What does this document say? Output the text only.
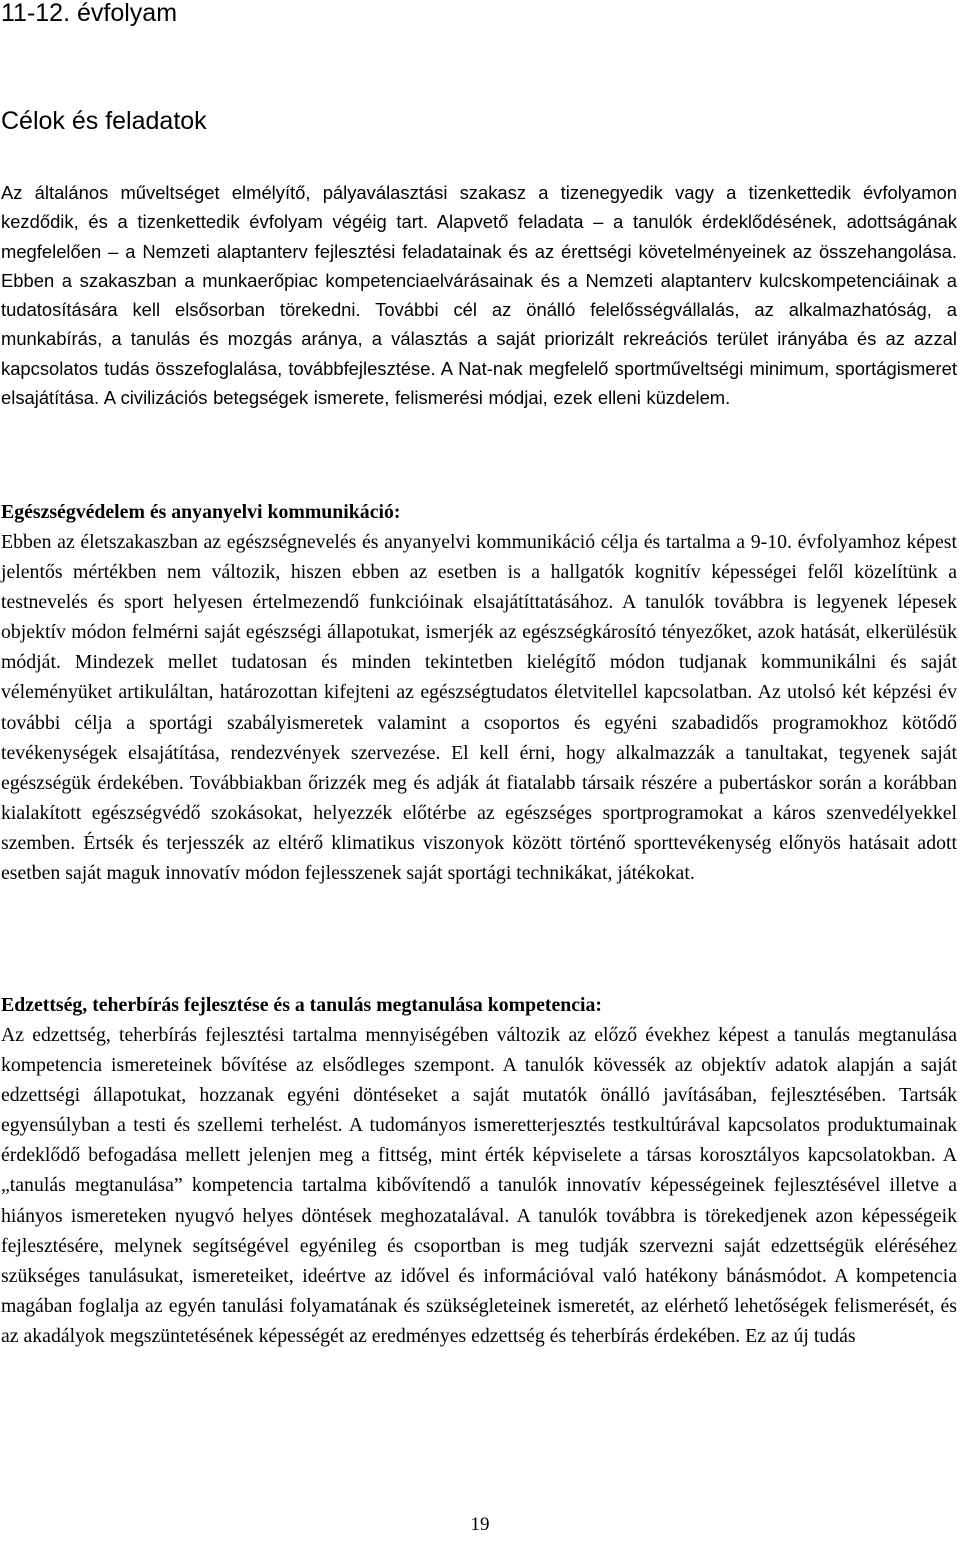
11-12. évfolyam
Célok és feladatok

Az általános műveltséget elmélyítő, pályaválasztási szakasz a tizenegyedik vagy a tizenkettedik évfolyamon kezdődik, és a tizenkettedik évfolyam végéig tart. Alapvető feladata – a tanulók érdeklődésének, adottságának megfelelően – a Nemzeti alaptanterv fejlesztési feladatainak és az érettségi követelményeinek az összehangolása. Ebben a szakaszban a munkaerőpiac kompetenciaelvárásainak és a Nemzeti alaptanterv kulcskompetenciáinak a tudatosítására kell elsősorban törekedni. További cél az önálló felelősségvállalás, az alkalmazhatóság, a munkabírás, a tanulás és mozgás aránya, a választás a saját priorizált rekreációs terület irányába és az azzal kapcsolatos tudás összefoglalása, továbbfejlesztése. A Nat-nak megfelelő sportműveltségi minimum, sportágismeret elsajátítása. A civilizációs betegségek ismerete, felismerési módjai, ezek elleni küzdelem.

Egészségvédelem és anyanyelvi kommunikáció:

Ebben az életszakaszban az egészségnevelés és anyanyelvi kommunikáció célja és tartalma a 9-10. évfolyamhoz képest jelentős mértékben nem változik, hiszen ebben az esetben is a hallgatók kognitív képességei felől közelítünk a testnevelés és sport helyesen értelmezendő funkcióinak elsajátíttatásához. A tanulók továbbra is legyenek lépesek objektív módon felmérni saját egészségi állapotukat, ismerjék az egészségkárosító tényezőket, azok hatását, elkerülésük módját. Mindezek mellet tudatosan és minden tekintetben kielégítő módon tudjanak kommunikálni és saját véleményüket artikuláltan, határozottan kifejteni az egészségtudatos életvitellel kapcsolatban. Az utolsó két képzési év további célja a sportági szabályismeretek valamint a csoportos és egyéni szabadidős programokhoz kötődő tevékenységek elsajátítása, rendezvények szervezése. El kell érni, hogy alkalmazzák a tanultakat, tegyenek saját egészségük érdekében. Továbbiakban őrizzék meg és adják át fiatalabb társaik részére a pubertáskor során a korábban kialakított egészségvédő szokásokat, helyezzék előtérbe az egészséges sportprogramokat a káros szenvedélyekkel szemben. Értsék és terjesszék az eltérő klimatikus viszonyok között történő sporttevékenység előnyös hatásait adott esetben saját maguk innovatív módon fejlesszenek saját sportági technikákat, játékokat.

Edzettség, teherbírás fejlesztése és a tanulás megtanulása kompetencia:

Az edzettség, teherbírás fejlesztési tartalma mennyiségében változik az előző évekhez képest a tanulás megtanulása kompetencia ismereteinek bővítése az elsődleges szempont. A tanulók kövessék az objektív adatok alapján a saját edzettségi állapotukat, hozzanak egyéni döntéseket a saját mutatók önálló javításában, fejlesztésében. Tartsák egyensúlyban a testi és szellemi terhelést. A tudományos ismeretterjesztés testkultúrával kapcsolatos produktumainak érdeklődő befogadása mellett jelenjen meg a fittség, mint érték képviselete a társas korosztályos kapcsolatokban. A „tanulás megtanulása” kompetencia tartalma kibővítendő a tanulók innovatív képességeinek fejlesztésével illetve a hiányos ismereteken nyugvó helyes döntések meghozatalával. A tanulók továbbra is törekedjenek azon képességeik fejlesztésére, melynek segítségével egyénileg és csoportban is meg tudják szervezni saját edzettségük eléréséhez szükséges tanulásukat, ismereteiket, ideértve az idővel és információval való hatékony bánásmódot. A kompetencia magában foglalja az egyén tanulási folyamatának és szükségleteinek ismeretét, az elérhető lehetőségek felismerését, és az akadályok megszüntetésének képességét az eredményes edzettség és teherbírás érdekében. Ez az új tudás

19
